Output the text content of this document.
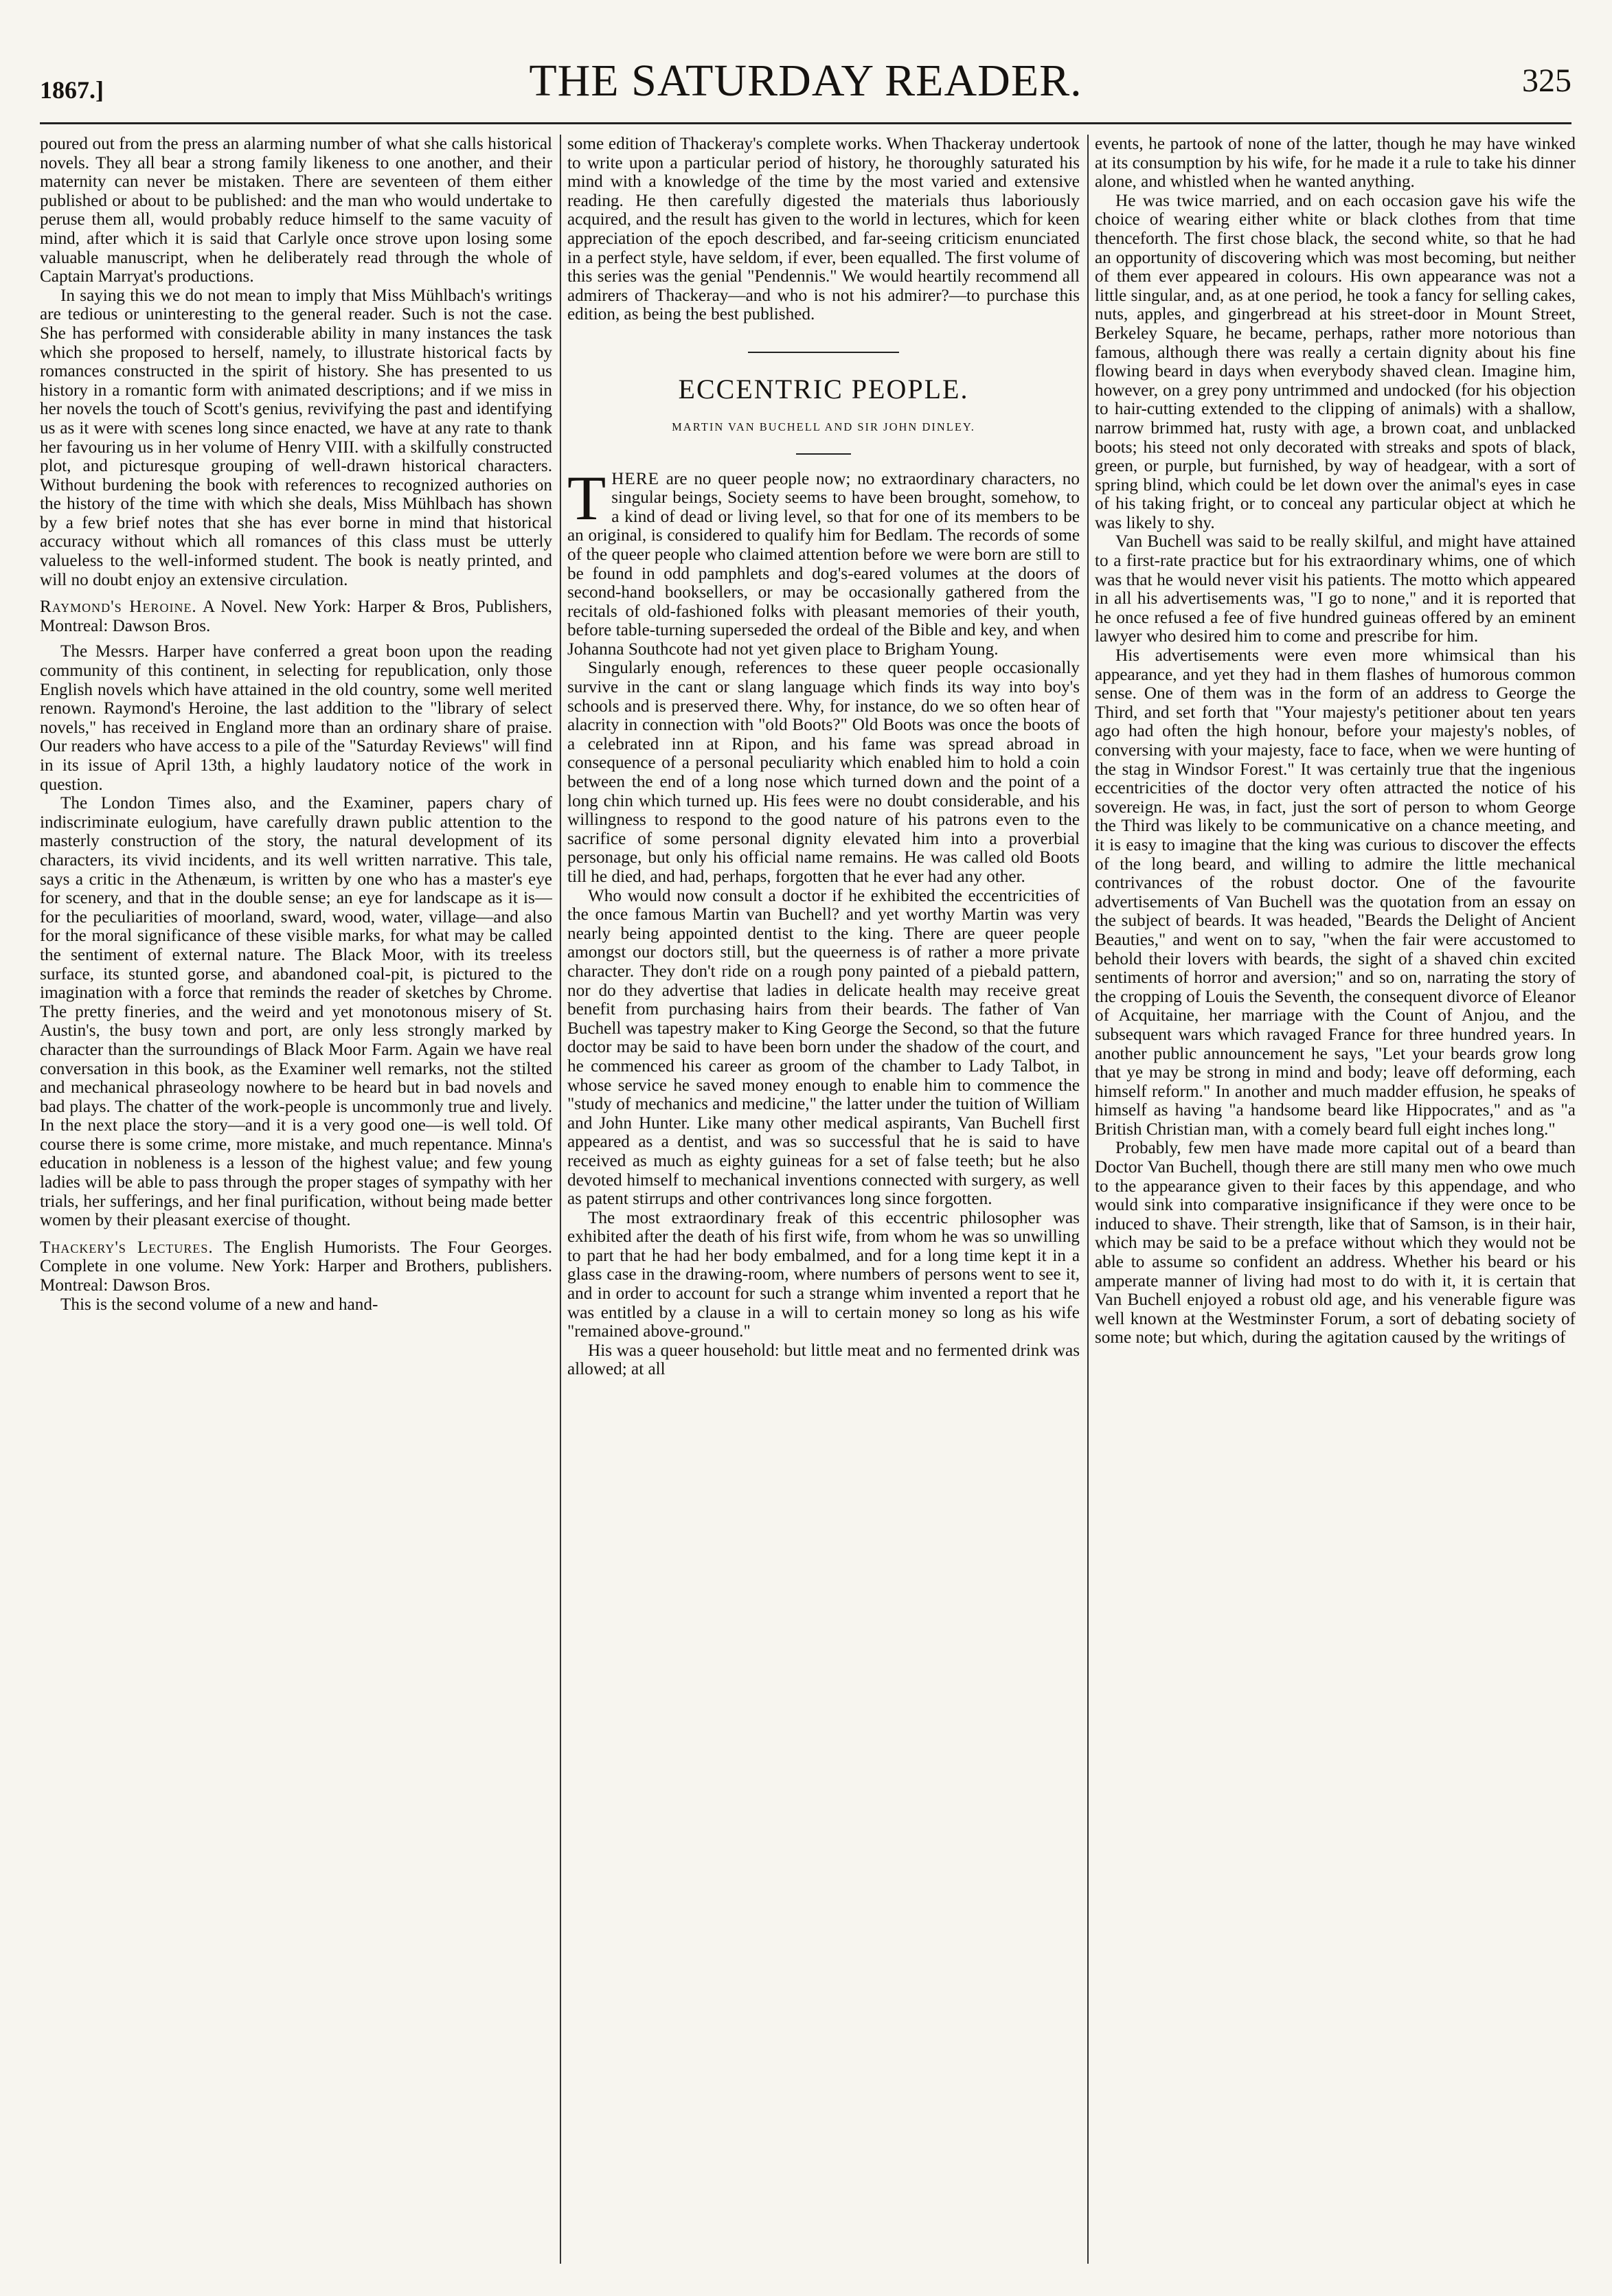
1867.]	THE SATURDAY READER.	325

poured out from the press an alarming number of what she calls historical novels. They all bear a strong family likeness to one another, and their maternity can never be mistaken. There are seventeen of them either published or about to be published: and the man who would undertake to peruse them all, would probably reduce himself to the same vacuity of mind, after which it is said that Carlyle once strove upon losing some valuable manuscript, when he deliberately read through the whole of Captain Marryat's productions.

In saying this we do not mean to imply that Miss Mühlbach's writings are tedious or uninteresting to the general reader. Such is not the case. She has performed with considerable ability in many instances the task which she proposed to herself, namely, to illustrate historical facts by romances constructed in the spirit of history. She has presented to us history in a romantic form with animated descriptions; and if we miss in her novels the touch of Scott's genius, revivifying the past and identifying us as it were with scenes long since enacted, we have at any rate to thank her favouring us in her volume of Henry VIII. with a skilfully constructed plot, and picturesque grouping of well-drawn historical characters. Without burdening the book with references to recognized authories on the history of the time with which she deals, Miss Mühlbach has shown by a few brief notes that she has ever borne in mind that historical accuracy without which all romances of this class must be utterly valueless to the well-informed student. The book is neatly printed, and will no doubt enjoy an extensive circulation.

Raymond's Heroine. A Novel. New York: Harper & Bros, Publishers, Montreal: Dawson Bros.

The Messrs. Harper have conferred a great boon upon the reading community of this continent, in selecting for republication, only those English novels which have attained in the old country, some well merited renown. Raymond's Heroine, the last addition to the "library of select novels," has received in England more than an ordinary share of praise. Our readers who have access to a pile of the "Saturday Reviews" will find in its issue of April 13th, a highly laudatory notice of the work in question.

The London Times also, and the Examiner, papers chary of indiscriminate eulogium, have carefully drawn public attention to the masterly construction of the story, the natural development of its characters, its vivid incidents, and its well written narrative. This tale, says a critic in the Athenæum, is written by one who has a master's eye for scenery, and that in the double sense; an eye for landscape as it is—for the peculiarities of moorland, sward, wood, water, village—and also for the moral significance of these visible marks, for what may be called the sentiment of external nature. The Black Moor, with its treeless surface, its stunted gorse, and abandoned coal-pit, is pictured to the imagination with a force that reminds the reader of sketches by Chrome. The pretty fineries, and the weird and yet monotonous misery of St. Austin's, the busy town and port, are only less strongly marked by character than the surroundings of Black Moor Farm. Again we have real conversation in this book, as the Examiner well remarks, not the stilted and mechanical phraseology nowhere to be heard but in bad novels and bad plays. The chatter of the work-people is uncommonly true and lively. In the next place the story—and it is a very good one—is well told. Of course there is some crime, more mistake, and much repentance. Minna's education in nobleness is a lesson of the highest value; and few young ladies will be able to pass through the proper stages of sympathy with her trials, her sufferings, and her final purification, without being made better women by their pleasant exercise of thought.

Thackery's Lectures. The English Humorists. The Four Georges. Complete in one volume. New York: Harper and Brothers, publishers. Montreal: Dawson Bros.

This is the second volume of a new and hand-

some edition of Thackeray's complete works. When Thackeray undertook to write upon a particular period of history, he thoroughly saturated his mind with a knowledge of the time by the most varied and extensive reading. He then carefully digested the materials thus laboriously acquired, and the result has given to the world in lectures, which for keen appreciation of the epoch described, and far-seeing criticism enunciated in a perfect style, have seldom, if ever, been equalled. The first volume of this series was the genial "Pendennis." We would heartily recommend all admirers of Thackeray—and who is not his admirer?—to purchase this edition, as being the best published.

ECCENTRIC PEOPLE.
MARTIN VAN BUCHELL AND SIR JOHN DINLEY.

THERE are no queer people now; no extraordinary characters, no singular beings, Society seems to have been brought, somehow, to a kind of dead or living level, so that for one of its members to be an original, is considered to qualify him for Bedlam. The records of some of the queer people who claimed attention before we were born are still to be found in odd pamphlets and dog's-eared volumes at the doors of second-hand booksellers, or may be occasionally gathered from the recitals of old-fashioned folks with pleasant memories of their youth, before table-turning superseded the ordeal of the Bible and key, and when Johanna Southcote had not yet given place to Brigham Young.

Singularly enough, references to these queer people occasionally survive in the cant or slang language which finds its way into boy's schools and is preserved there. Why, for instance, do we so often hear of alacrity in connection with "old Boots?" Old Boots was once the boots of a celebrated inn at Ripon, and his fame was spread abroad in consequence of a personal peculiarity which enabled him to hold a coin between the end of a long nose which turned down and the point of a long chin which turned up. His fees were no doubt considerable, and his willingness to respond to the good nature of his patrons even to the sacrifice of some personal dignity elevated him into a proverbial personage, but only his official name remains. He was called old Boots till he died, and had, perhaps, forgotten that he ever had any other.

Who would now consult a doctor if he exhibited the eccentricities of the once famous Martin van Buchell? and yet worthy Martin was very nearly being appointed dentist to the king. There are queer people amongst our doctors still, but the queerness is of rather a more private character. They don't ride on a rough pony painted of a piebald pattern, nor do they advertise that ladies in delicate health may receive great benefit from purchasing hairs from their beards. The father of Van Buchell was tapestry maker to King George the Second, so that the future doctor may be said to have been born under the shadow of the court, and he commenced his career as groom of the chamber to Lady Talbot, in whose service he saved money enough to enable him to commence the "study of mechanics and medicine," the latter under the tuition of William and John Hunter. Like many other medical aspirants, Van Buchell first appeared as a dentist, and was so successful that he is said to have received as much as eighty guineas for a set of false teeth; but he also devoted himself to mechanical inventions connected with surgery, as well as patent stirrups and other contrivances long since forgotten.

The most extraordinary freak of this eccentric philosopher was exhibited after the death of his first wife, from whom he was so unwilling to part that he had her body embalmed, and for a long time kept it in a glass case in the drawing-room, where numbers of persons went to see it, and in order to account for such a strange whim invented a report that he was entitled by a clause in a will to certain money so long as his wife "remained above-ground."

His was a queer household: but little meat and no fermented drink was allowed; at all

events, he partook of none of the latter, though he may have winked at its consumption by his wife, for he made it a rule to take his dinner alone, and whistled when he wanted anything.

He was twice married, and on each occasion gave his wife the choice of wearing either white or black clothes from that time thenceforth. The first chose black, the second white, so that he had an opportunity of discovering which was most becoming, but neither of them ever appeared in colours. His own appearance was not a little singular, and, as at one period, he took a fancy for selling cakes, nuts, apples, and gingerbread at his street-door in Mount Street, Berkeley Square, he became, perhaps, rather more notorious than famous, although there was really a certain dignity about his fine flowing beard in days when everybody shaved clean. Imagine him, however, on a grey pony untrimmed and undocked (for his objection to hair-cutting extended to the clipping of animals) with a shallow, narrow brimmed hat, rusty with age, a brown coat, and unblacked boots; his steed not only decorated with streaks and spots of black, green, or purple, but furnished, by way of headgear, with a sort of spring blind, which could be let down over the animal's eyes in case of his taking fright, or to conceal any particular object at which he was likely to shy.

Van Buchell was said to be really skilful, and might have attained to a first-rate practice but for his extraordinary whims, one of which was that he would never visit his patients. The motto which appeared in all his advertisements was, "I go to none," and it is reported that he once refused a fee of five hundred guineas offered by an eminent lawyer who desired him to come and prescribe for him.

His advertisements were even more whimsical than his appearance, and yet they had in them flashes of humorous common sense. One of them was in the form of an address to George the Third, and set forth that "Your majesty's petitioner about ten years ago had often the high honour, before your majesty's nobles, of conversing with your majesty, face to face, when we were hunting of the stag in Windsor Forest." It was certainly true that the ingenious eccentricities of the doctor very often attracted the notice of his sovereign. He was, in fact, just the sort of person to whom George the Third was likely to be communicative on a chance meeting, and it is easy to imagine that the king was curious to discover the effects of the long beard, and willing to admire the little mechanical contrivances of the robust doctor. One of the favourite advertisements of Van Buchell was the quotation from an essay on the subject of beards. It was headed, "Beards the Delight of Ancient Beauties," and went on to say, "when the fair were accustomed to behold their lovers with beards, the sight of a shaved chin excited sentiments of horror and aversion;" and so on, narrating the story of the cropping of Louis the Seventh, the consequent divorce of Eleanor of Acquitaine, her marriage with the Count of Anjou, and the subsequent wars which ravaged France for three hundred years. In another public announcement he says, "Let your beards grow long that ye may be strong in mind and body; leave off deforming, each himself reform." In another and much madder effusion, he speaks of himself as having "a handsome beard like Hippocrates," and as "a British Christian man, with a comely beard full eight inches long."

Probably, few men have made more capital out of a beard than Doctor Van Buchell, though there are still many men who owe much to the appearance given to their faces by this appendage, and who would sink into comparative insignificance if they were once to be induced to shave. Their strength, like that of Samson, is in their hair, which may be said to be a preface without which they would not be able to assume so confident an address. Whether his beard or his amperate manner of living had most to do with it, it is certain that Van Buchell enjoyed a robust old age, and his venerable figure was well known at the Westminster Forum, a sort of debating society of some note; but which, during the agitation caused by the writings of
